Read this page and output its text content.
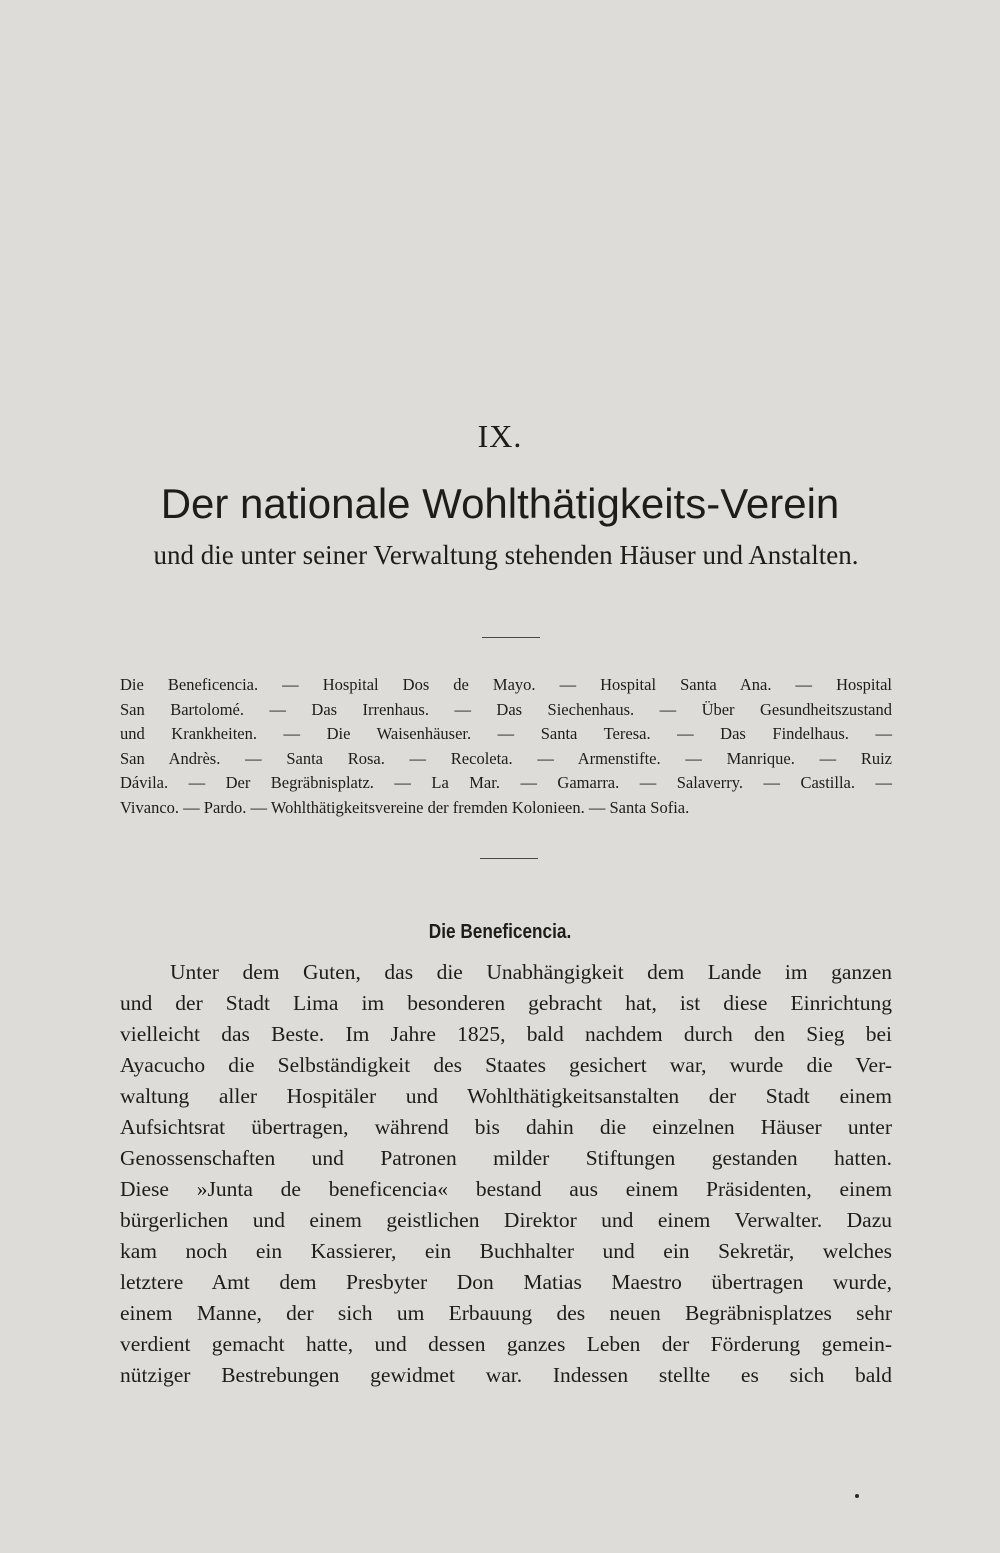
IX.
Der nationale Wohlthätigkeits-Verein
und die unter seiner Verwaltung stehenden Häuser und Anstalten.
Die Beneficencia. — Hospital Dos de Mayo. — Hospital Santa Ana. — Hospital
San Bartolomé. — Das Irrenhaus. — Das Siechenhaus. — Über Gesundheitszustand
und Krankheiten. — Die Waisenhäuser. — Santa Teresa. — Das Findelhaus. —
San Andrès. — Santa Rosa. — Recoleta. — Armenstifte. — Manrique. — Ruiz
Dávila. — Der Begräbnisplatz. — La Mar. — Gamarra. — Salaverry. — Castilla. —
Vivanco. — Pardo. — Wohlthätigkeitsvereine der fremden Kolonieen. — Santa Sofia.
Die Beneficencia.
Unter dem Guten, das die Unabhängigkeit dem Lande im ganzen
und der Stadt Lima im besonderen gebracht hat, ist diese Einrichtung
vielleicht das Beste. Im Jahre 1825, bald nachdem durch den Sieg bei
Ayacucho die Selbständigkeit des Staates gesichert war, wurde die Ver-
waltung aller Hospitäler und Wohlthätigkeitsanstalten der Stadt einem
Aufsichtsrat übertragen, während bis dahin die einzelnen Häuser unter
Genossenschaften und Patronen milder Stiftungen gestanden hatten.
Diese »Junta de beneficencia« bestand aus einem Präsidenten, einem
bürgerlichen und einem geistlichen Direktor und einem Verwalter. Dazu
kam noch ein Kassierer, ein Buchhalter und ein Sekretär, welches
letztere Amt dem Presbyter Don Matias Maestro übertragen wurde,
einem Manne, der sich um Erbauung des neuen Begräbnisplatzes sehr
verdient gemacht hatte, und dessen ganzes Leben der Förderung gemein-
nütziger Bestrebungen gewidmet war. Indessen stellte es sich bald
